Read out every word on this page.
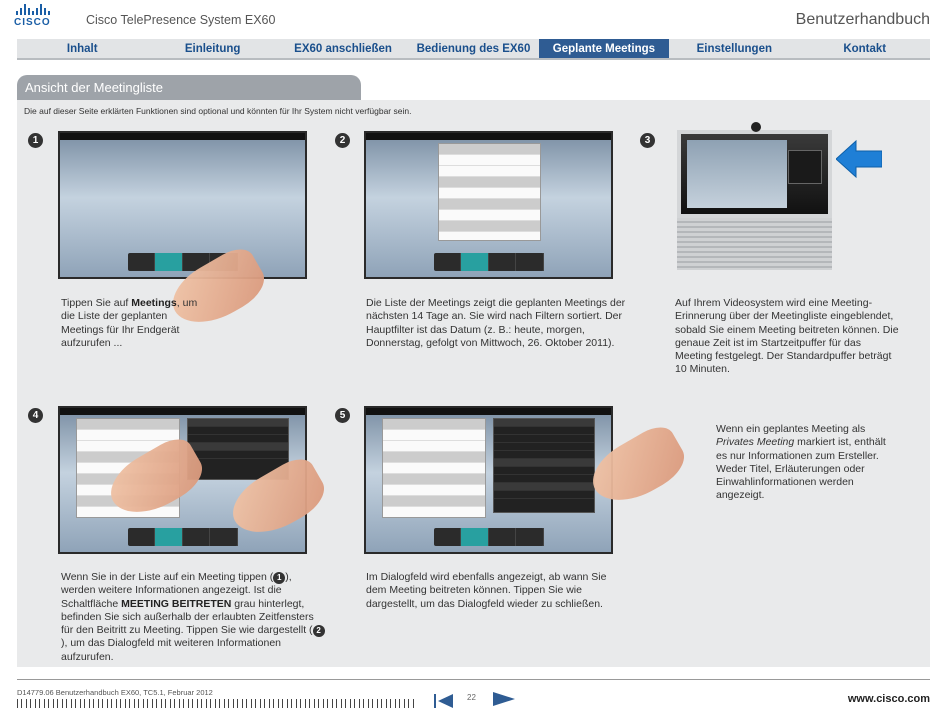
CISCO	Cisco TelePresence System EX60	Benutzerhandbuch
Inhalt	Einleitung	EX60 anschließen	Bedienung des EX60	Geplante Meetings	Einstellungen	Kontakt
Ansicht der Meetingliste
Die auf dieser Seite erklärten Funktionen sind optional und könnten für Ihr System nicht verfügbar sein.
1
Tippen Sie auf Meetings, um die Liste der geplanten Meetings für Ihr Endgerät aufzurufen ...
2
Die Liste der Meetings zeigt die geplanten Meetings der nächsten 14 Tage an. Sie wird nach Filtern sortiert. Der Hauptfilter ist das Datum (z. B.: heute, morgen, Donnerstag, gefolgt von Mittwoch, 26. Oktober 2011).
3
Auf Ihrem Videosystem wird eine Meeting-Erinnerung über der Meetingliste eingeblendet, sobald Sie einem Meeting beitreten können. Die genaue Zeit ist im Startzeitpuffer für das Meeting festgelegt. Der Standardpuffer beträgt 10 Minuten.
4
Wenn Sie in der Liste auf ein Meeting tippen ( 1 ), werden weitere Informationen angezeigt. Ist die Schaltfläche MEETING BEITRETEN grau hinterlegt, befinden Sie sich außerhalb der erlaubten Zeitfensters für den Beitritt zu Meeting. Tippen Sie wie dargestellt ( 2), um das Dialogfeld mit weiteren Informationen aufzurufen.
5
Im Dialogfeld wird ebenfalls angezeigt, ab wann Sie dem Meeting beitreten können. Tippen Sie wie dargestellt, um das Dialogfeld wieder zu schließen.
Wenn ein geplantes Meeting als Privates Meeting markiert ist, enthält es nur Informationen zum Ersteller. Weder Titel, Erläuterungen oder Einwahlinformationen werden angezeigt.
D14779.06 Benutzerhandbuch EX60, TC5.1, Februar 2012
22	www.cisco.com
